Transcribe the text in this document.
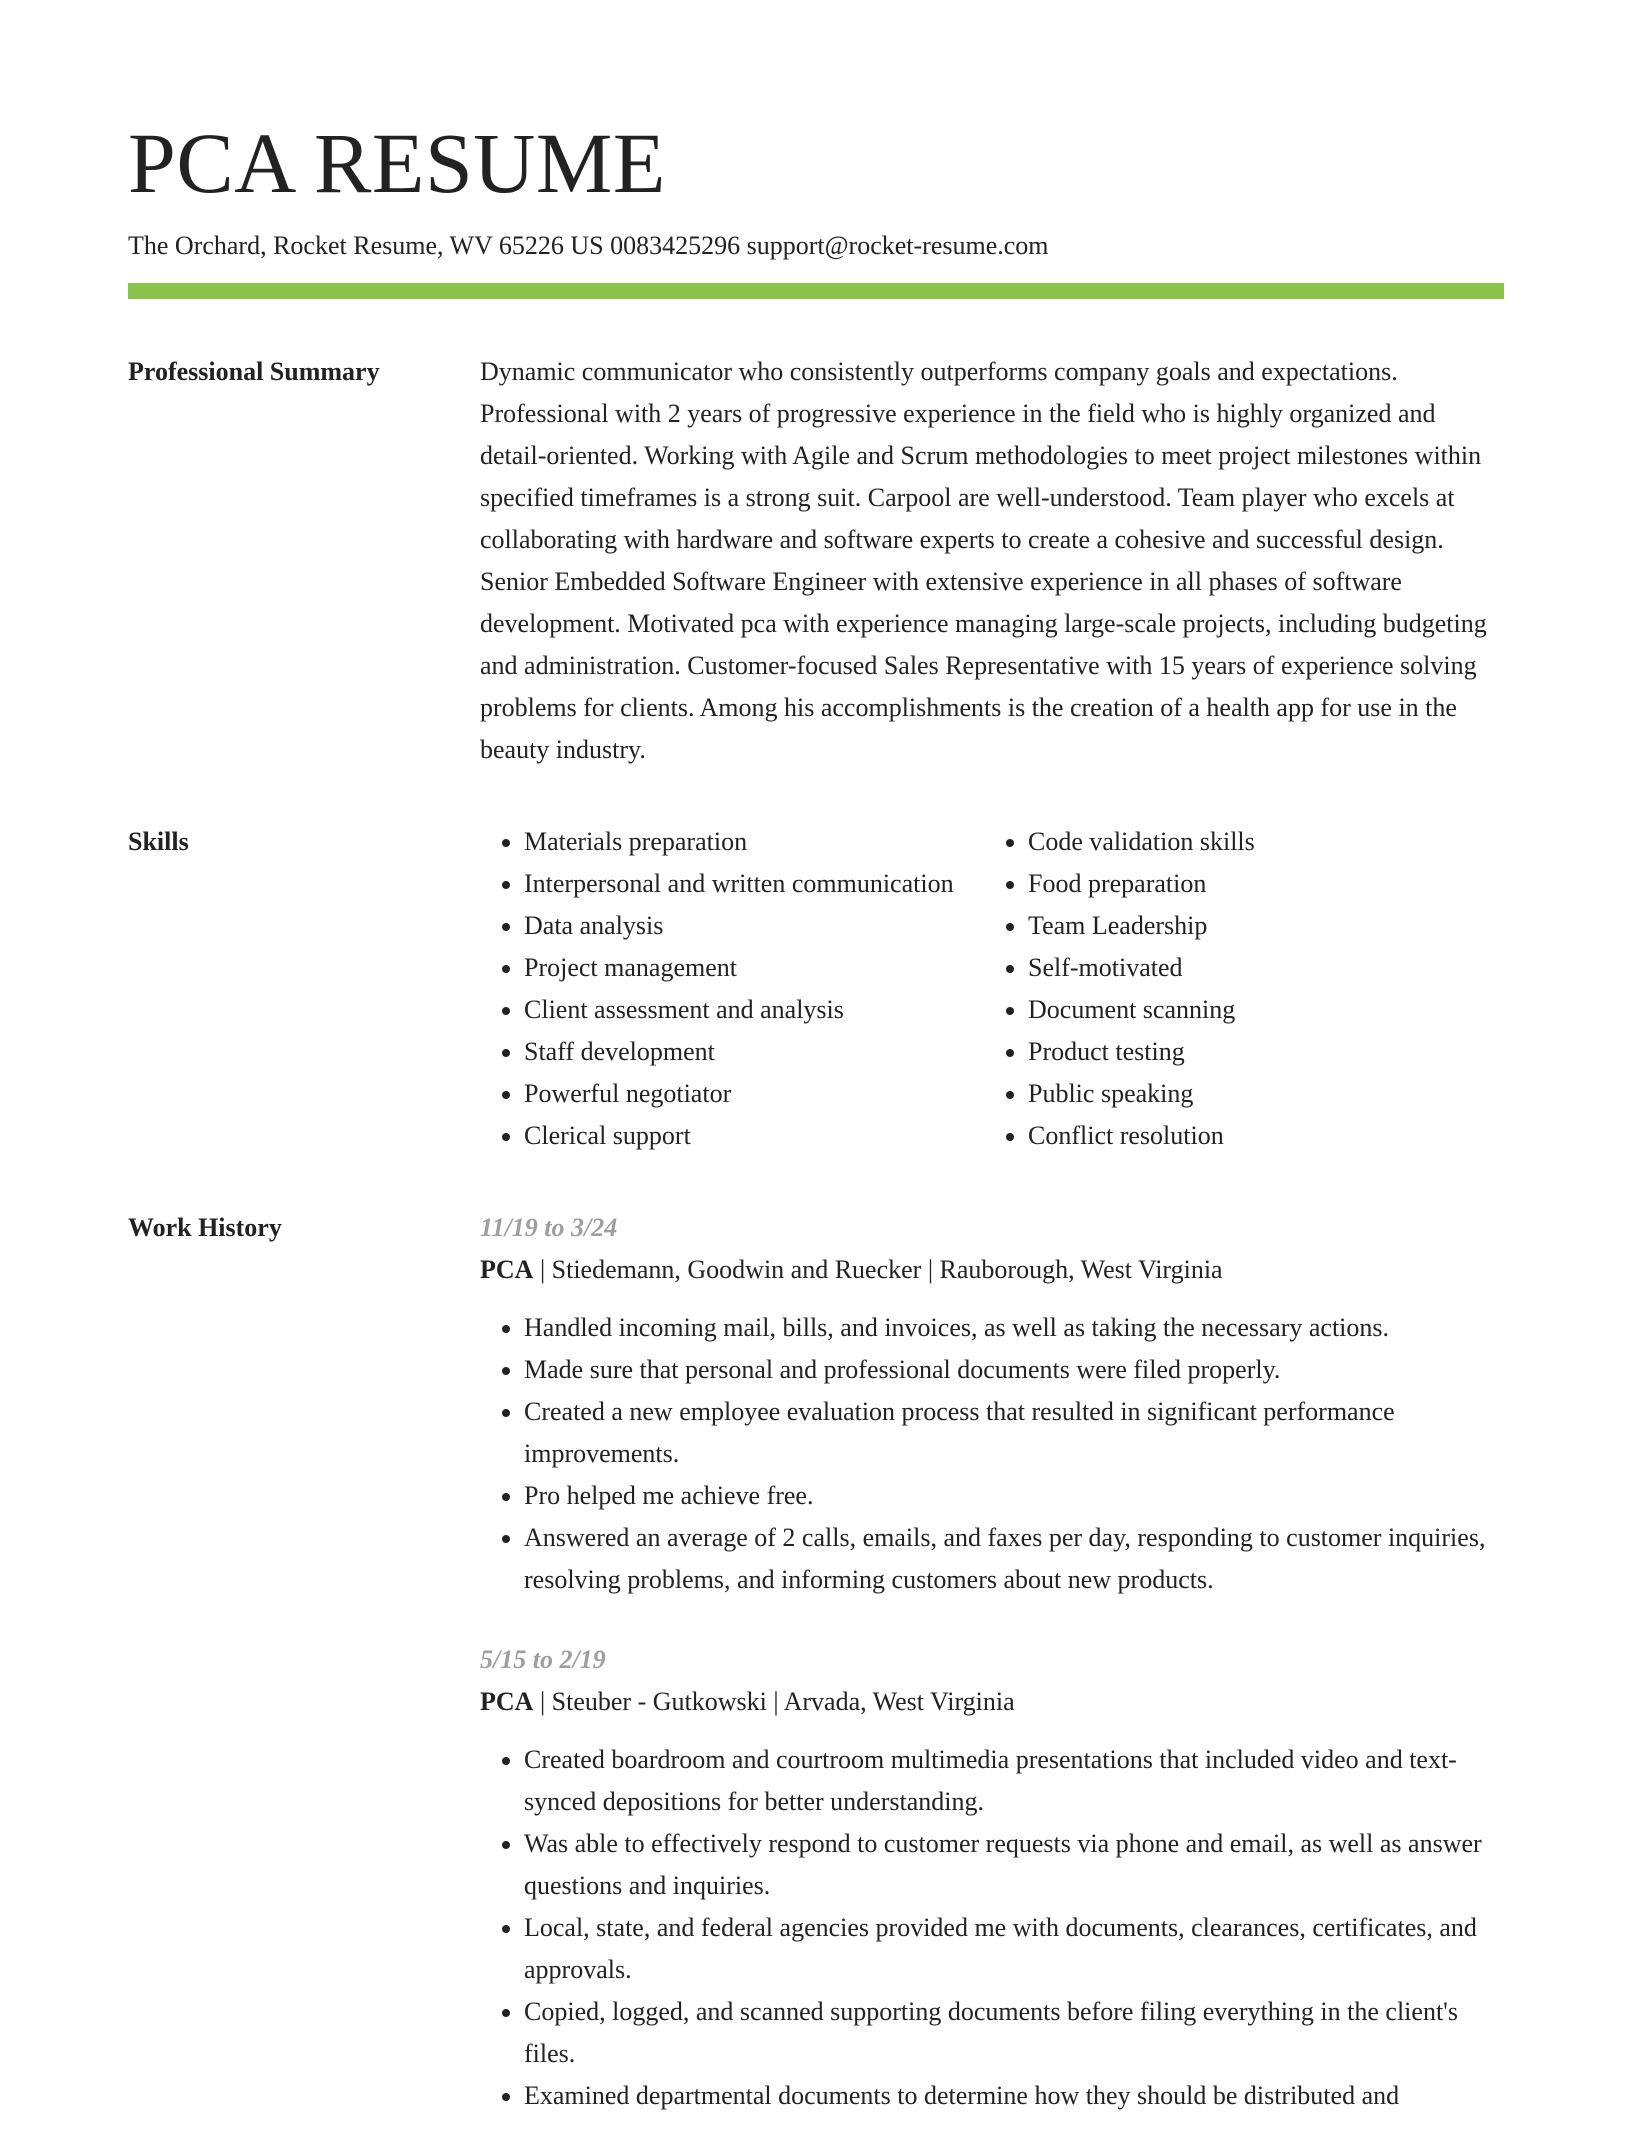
PCA RESUME
The Orchard, Rocket Resume, WV 65226 US 0083425296 support@rocket-resume.com
Professional Summary	Dynamic communicator who consistently outperforms company goals and expectations. Professional with 2 years of progressive experience in the field who is highly organized and detail-oriented. Working with Agile and Scrum methodologies to meet project milestones within specified timeframes is a strong suit. Carpool are well-understood. Team player who excels at collaborating with hardware and software experts to create a cohesive and successful design. Senior Embedded Software Engineer with extensive experience in all phases of software development. Motivated pca with experience managing large-scale projects, including budgeting and administration. Customer-focused Sales Representative with 15 years of experience solving problems for clients. Among his accomplishments is the creation of a health app for use in the beauty industry.

Skills
•	Materials preparation
• Interpersonal and written communication
• Data analysis
• Project management
• Client assessment and analysis
• Staff development
• Powerful negotiator
• Clerical support
• Code validation skills
• Food preparation
• Team Leadership
• Self-motivated
• Document scanning
• Product testing
• Public speaking
• Conflict resolution
Work History	11/19 to 3/24
PCA | Stiedemann, Goodwin and Ruecker | Rauborough, West Virginia
• Handled incoming mail, bills, and invoices, as well as taking the necessary actions.
• Made sure that personal and professional documents were filed properly.
• Created a new employee evaluation process that resulted in significant performance improvements.
• Pro helped me achieve free.
• Answered an average of 2 calls, emails, and faxes per day, responding to customer inquiries, resolving problems, and informing customers about new products.
5/15 to 2/19
PCA | Steuber - Gutkowski | Arvada, West Virginia
• Created boardroom and courtroom multimedia presentations that included video and text-synced depositions for better understanding.
• Was able to effectively respond to customer requests via phone and email, as well as answer questions and inquiries.
• Local, state, and federal agencies provided me with documents, clearances, certificates, and approvals.
• Copied, logged, and scanned supporting documents before filing everything in the client's files.
• Examined departmental documents to determine how they should be distributed and
